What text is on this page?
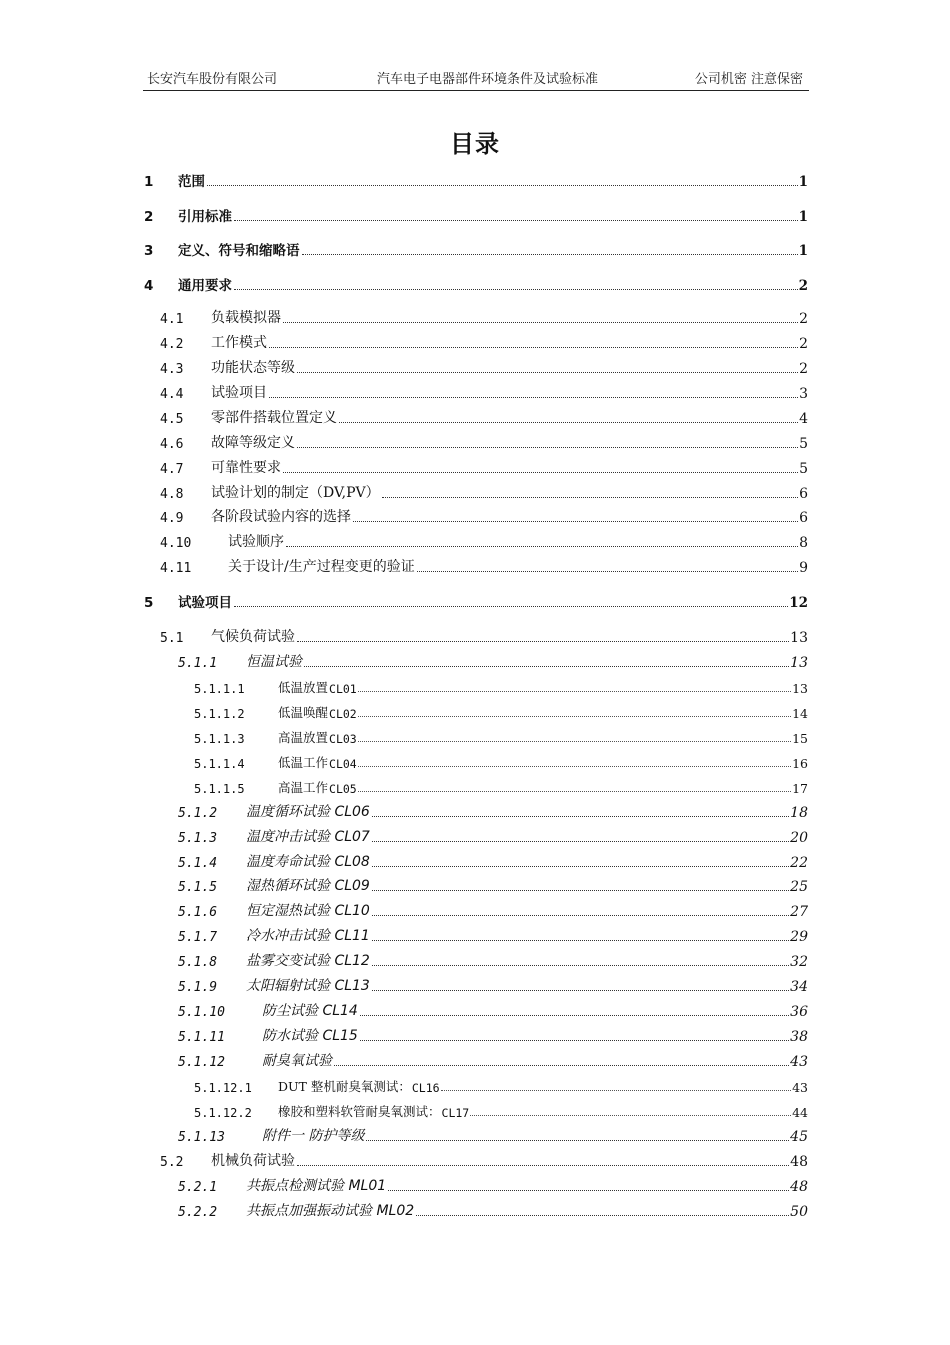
长安汽车股份有限公司	汽车电子电器部件环境条件及试验标准	公司机密 注意保密
目录
1 范围	1
2 引用标准	1
3 定义、符号和缩略语	1
4 通用要求	2
4.1 负载模拟器	2
4.2 工作模式	2
4.3 功能状态等级	2
4.4 试验项目	3
4.5 零部件搭载位置定义	4
4.6 故障等级定义	5
4.7 可靠性要求	5
4.8 试验计划的制定（DV,PV）	6
4.9 各阶段试验内容的选择	6
4.10	试验顺序	8
4.11	关于设计/生产过程变更的验证	9
5 试验项目	12
5.1 气候负荷试验	13
5.1.1 恒温试验	13
5.1.1.1	低温放置 CL01	13
5.1.1.2	低温唤醒 CL02	14
5.1.1.3	高温放置 CL03	15
5.1.1.4	低温工作 CL04	16
5.1.1.5	高温工作 CL05	17
5.1.2 温度循环试验 CL06	18
5.1.3 温度冲击试验 CL07	20
5.1.4 温度寿命试验 CL08	22
5.1.5 湿热循环试验 CL09	25
5.1.6 恒定湿热试验 CL10	27
5.1.7 冷水冲击试验 CL11	29
5.1.8 盐雾交变试验 CL12	32
5.1.9 太阳辐射试验 CL13	34
5.1.10	防尘试验 CL14	36
5.1.11	防水试验 CL15	38
5.1.12	耐臭氧试验	43
5.1.12.1 DUT 整机耐臭氧测试： CL16	43
5.1.12.2 橡胶和塑料软管耐臭氧测试： CL17	44
5.1.13	附件一 防护等级	45
5.2 机械负荷试验	48
5.2.1 共振点检测试验 ML01	48
5.2.2 共振点加强振动试验 ML02	50
